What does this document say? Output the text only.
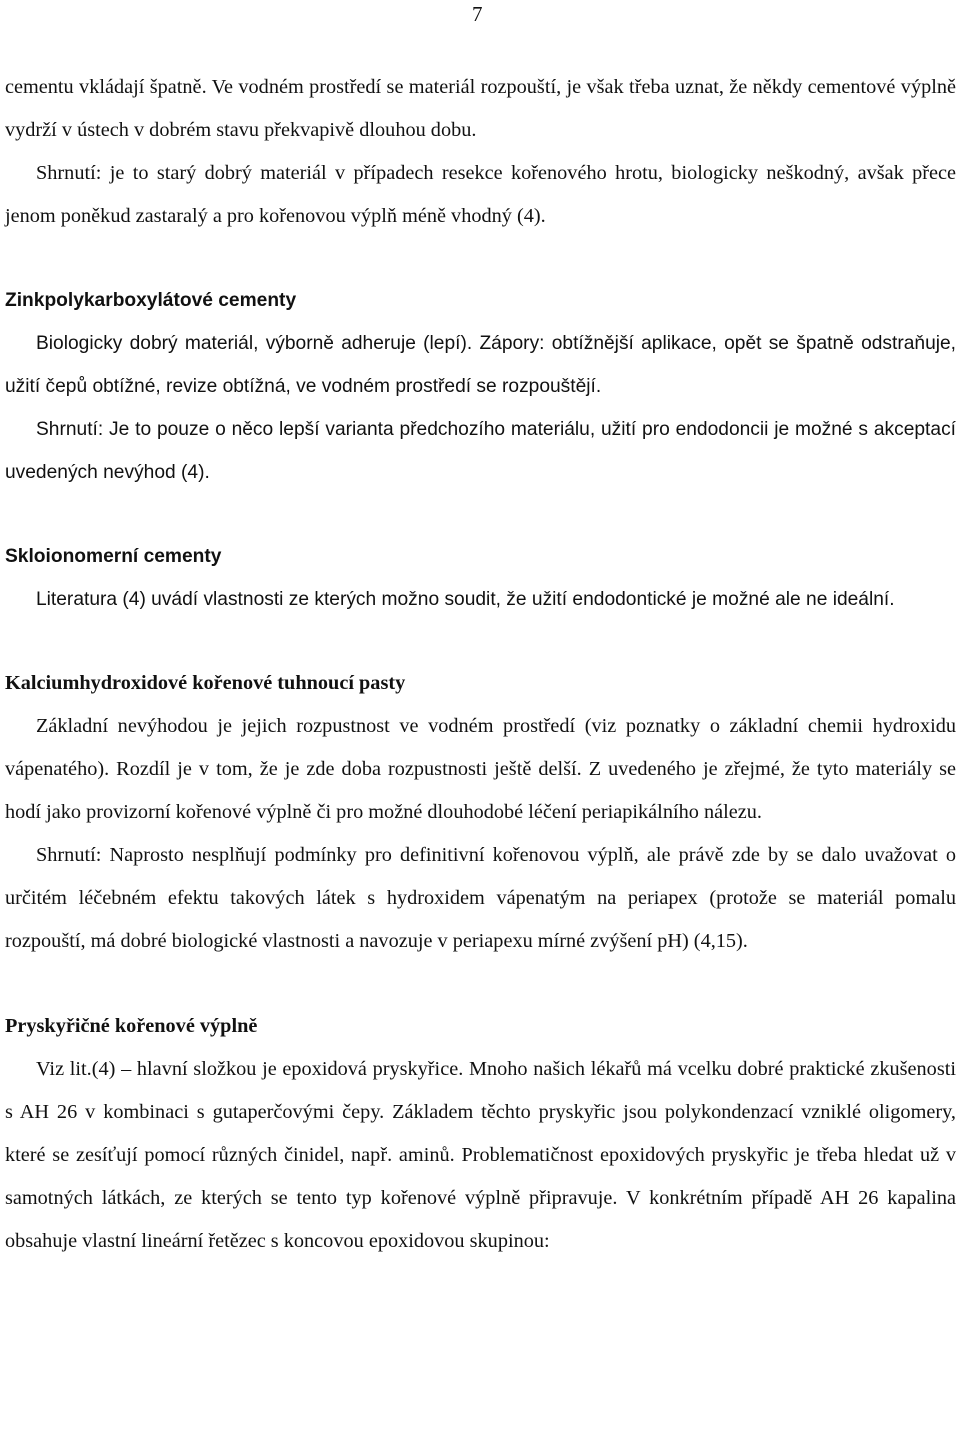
7

cementu vkládají špatně. Ve vodném prostředí se materiál rozpouští, je však třeba uznat, že někdy cementové výplně vydrží v ústech v dobrém stavu překvapivě dlouhou dobu.

Shrnutí: je to starý dobrý materiál v případech resekce kořenového hrotu, biologicky neškodný, avšak přece jenom poněkud zastaralý a pro kořenovou výplň méně vhodný (4).

Zinkpolykarboxylátové cementy

Biologicky dobrý materiál, výborně adheruje (lepí). Zápory: obtížnější aplikace, opět se špatně odstraňuje, užití čepů obtížné, revize obtížná, ve vodném prostředí se rozpouštějí.

Shrnutí: Je to pouze o něco lepší varianta předchozího materiálu, užití pro endodoncii je možné s akceptací uvedených nevýhod (4).

Skloionomerní cementy

Literatura (4) uvádí vlastnosti ze kterých možno soudit, že užití endodontické je možné ale ne ideální.

Kalciumhydroxidové kořenové tuhnoucí pasty

Základní nevýhodou je jejich rozpustnost ve vodném prostředí (viz poznatky o základní chemii hydroxidu vápenatého). Rozdíl je v tom, že je zde doba rozpustnosti ještě delší. Z uvedeného je zřejmé, že tyto materiály se hodí jako provizorní kořenové výplně či pro možné dlouhodobé léčení periapikálního nálezu.

Shrnutí: Naprosto nesplňují podmínky pro definitivní kořenovou výplň, ale právě zde by se dalo uvažovat o určitém léčebném efektu takových látek s hydroxidem vápenatým na periapex (protože se materiál pomalu rozpouští, má dobré biologické vlastnosti a navozuje v periapexu mírné zvýšení pH) (4,15).

Pryskyřičné kořenové výplně

Viz lit.(4) – hlavní složkou je epoxidová pryskyřice. Mnoho našich lékařů má vcelku dobré praktické zkušenosti s AH 26 v kombinaci s gutaperčovými čepy. Základem těchto pryskyřic jsou polykondenzací vzniklé oligomery, které se zesíťují pomocí různých činidel, např. aminů. Problematičnost epoxidových pryskyřic je třeba hledat už v samotných látkách, ze kterých se tento typ kořenové výplně připravuje. V konkrétním případě AH 26 kapalina obsahuje vlastní lineární řetězec s koncovou epoxidovou skupinou:
